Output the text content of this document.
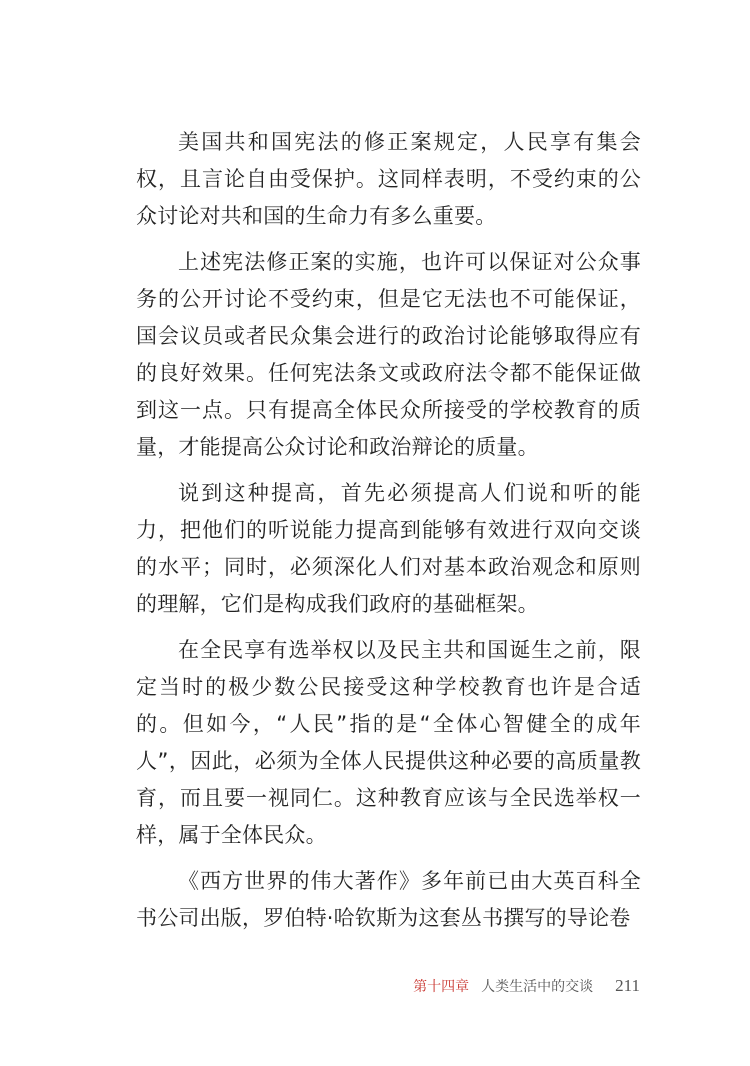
美国共和国宪法的修正案规定，人民享有集会权，且言论自由受保护。这同样表明，不受约束的公众讨论对共和国的生命力有多么重要。

上述宪法修正案的实施，也许可以保证对公众事务的公开讨论不受约束，但是它无法也不可能保证，国会议员或者民众集会进行的政治讨论能够取得应有的良好效果。任何宪法条文或政府法令都不能保证做到这一点。只有提高全体民众所接受的学校教育的质量，才能提高公众讨论和政治辩论的质量。

说到这种提高，首先必须提高人们说和听的能力，把他们的听说能力提高到能够有效进行双向交谈的水平；同时，必须深化人们对基本政治观念和原则的理解，它们是构成我们政府的基础框架。

在全民享有选举权以及民主共和国诞生之前，限定当时的极少数公民接受这种学校教育也许是合适的。但如今，“人民”指的是“全体心智健全的成年人”，因此，必须为全体人民提供这种必要的高质量教育，而且要一视同仁。这种教育应该与全民选举权一样，属于全体民众。

《西方世界的伟大著作》多年前已由大英百科全书公司出版，罗伯特·哈钦斯为这套丛书撰写的导论卷

第十四章 人类生活中的交谈 211
